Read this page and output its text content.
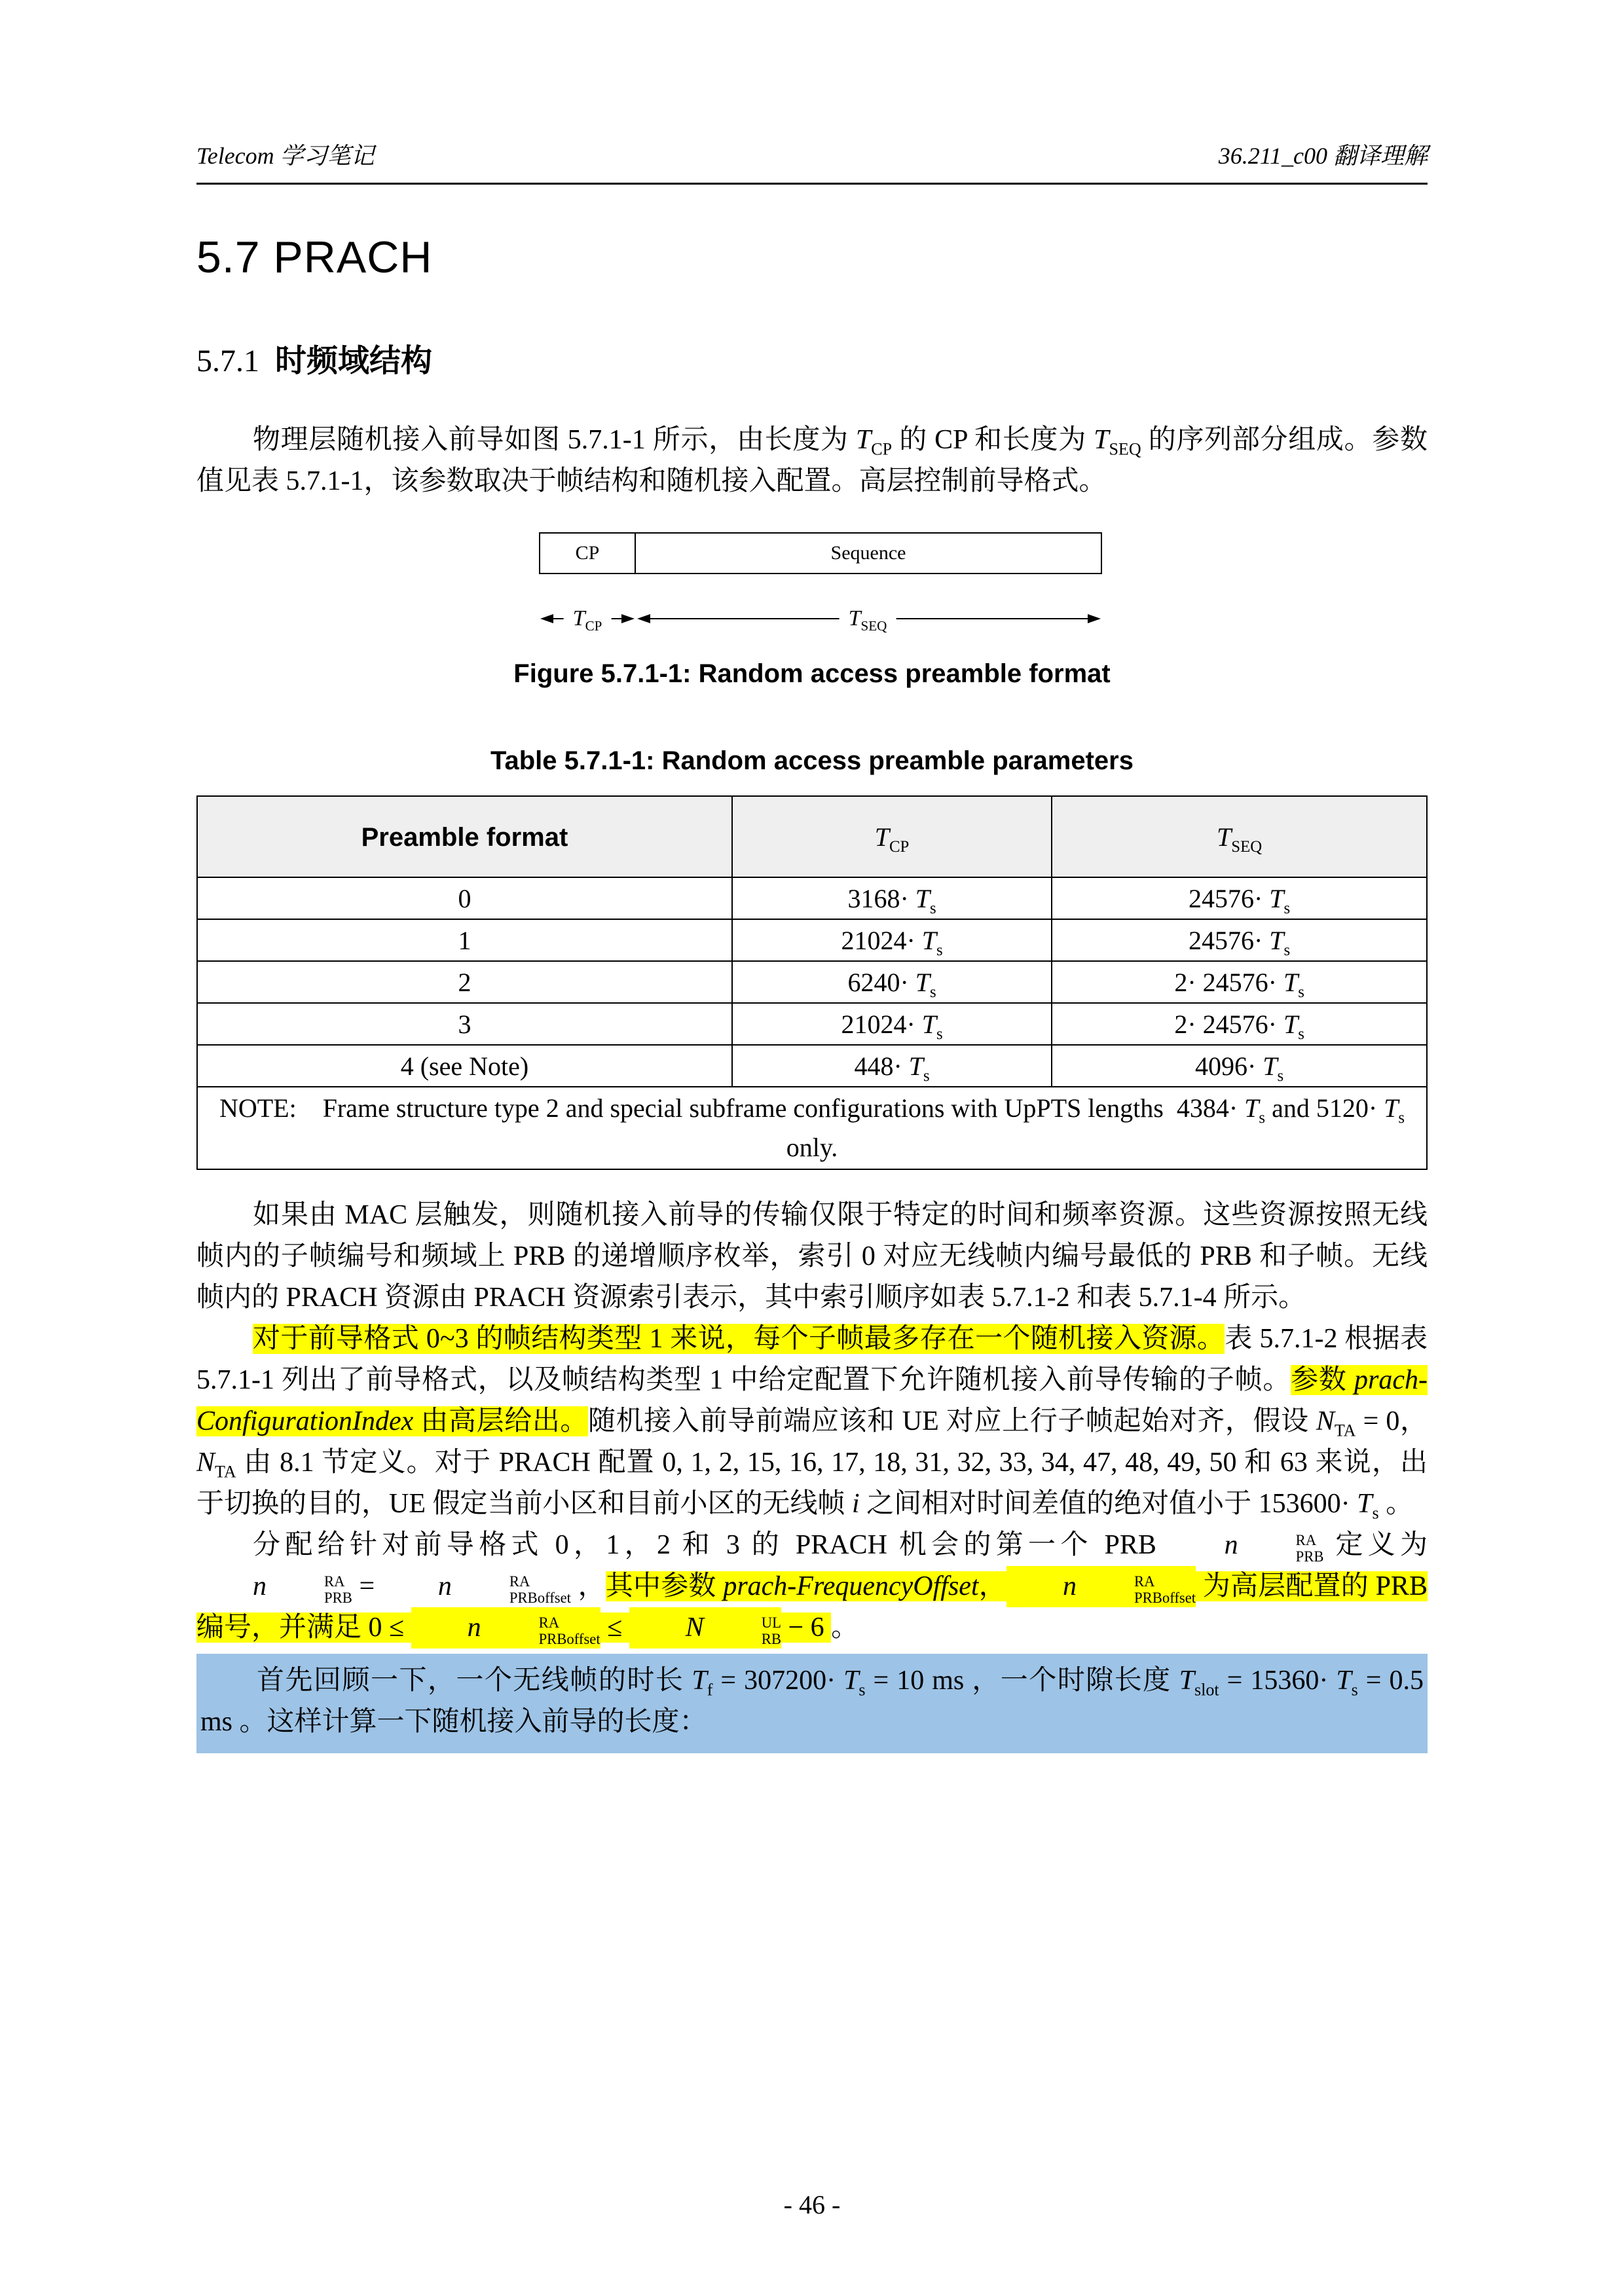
Telecom 学习笔记	36.211_c00 翻译理解
5.7 PRACH
5.7.1  时频域结构

物理层随机接入前导如图 5.7.1-1 所示，由长度为 $T_{CP}$ 的 CP 和长度为 $T_{SEQ}$ 的序列部分组成。参数值见表 5.7.1-1，该参数取决于帧结构和随机接入配置。高层控制前导格式。

CP	Sequence
$T_{CP}$	$T_{SEQ}$

Figure 5.7.1-1: Random access preamble format

Table 5.7.1-1: Random access preamble parameters

Preamble format	$T_{CP}$	$T_{SEQ}$
0	$3168\cdot T_s$	$24576\cdot T_s$
1	$21024\cdot T_s$	$24576\cdot T_s$
2	$6240\cdot T_s$	$2\cdot 24576\cdot T_s$
3	$21024\cdot T_s$	$2\cdot 24576\cdot T_s$
4 (see Note)	$448\cdot T_s$	$4096\cdot T_s$
NOTE:    Frame structure type 2 and special subframe configurations with UpPTS lengths  $4384\cdot T_s$ and $5120\cdot T_s$ only.		

如果由 MAC 层触发，则随机接入前导的传输仅限于特定的时间和频率资源。这些资源按照无线帧内的子帧编号和频域上 PRB 的递增顺序枚举，索引 0 对应无线帧内编号最低的 PRB 和子帧。无线帧内的 PRACH 资源由 PRACH 资源索引表示，其中索引顺序如表 5.7.1-2 和表 5.7.1-4 所示。

对于前导格式 0~3 的帧结构类型 1 来说，每个子帧最多存在一个随机接入资源。表 5.7.1-2 根据表 5.7.1-1 列出了前导格式，以及帧结构类型 1 中给定配置下允许随机接入前导传输的子帧。参数 prach-ConfigurationIndex 由高层给出。随机接入前导前端应该和 UE 对应上行子帧起始对齐，假设 $N_{TA} = 0$， $N_{TA}$ 由 8.1 节定义。对于 PRACH 配置 0, 1, 2, 15, 16, 17, 18, 31, 32, 33, 34, 47, 48, 49, 50 和 63 来说，出于切换的目的，UE 假定当前小区和目前小区的无线帧 i 之间相对时间差值的绝对值小于 $153600\cdot T_s$ 。

分配给针对前导格式 0，1，2 和 3 的 PRACH 机会的第一个 PRB n	RA
PRB 定义为 n	RA
PRB = n	RA
PRBoffset ，其中参数 prach-FrequencyOffset， n	RA
PRBoffset 为高层配置的 PRB 编号，并满足 0 ≤ n	RA
PRBoffset ≤ N	UL
RB − 6 。

首先回顾一下，一个无线帧的时长 $T_f = 307200\cdot T_s = 10$ ms ，一个时隙长度 $T_{slot} = 15360\cdot T_s = 0.5$ ms 。这样计算一下随机接入前导的长度：

- 46 -
